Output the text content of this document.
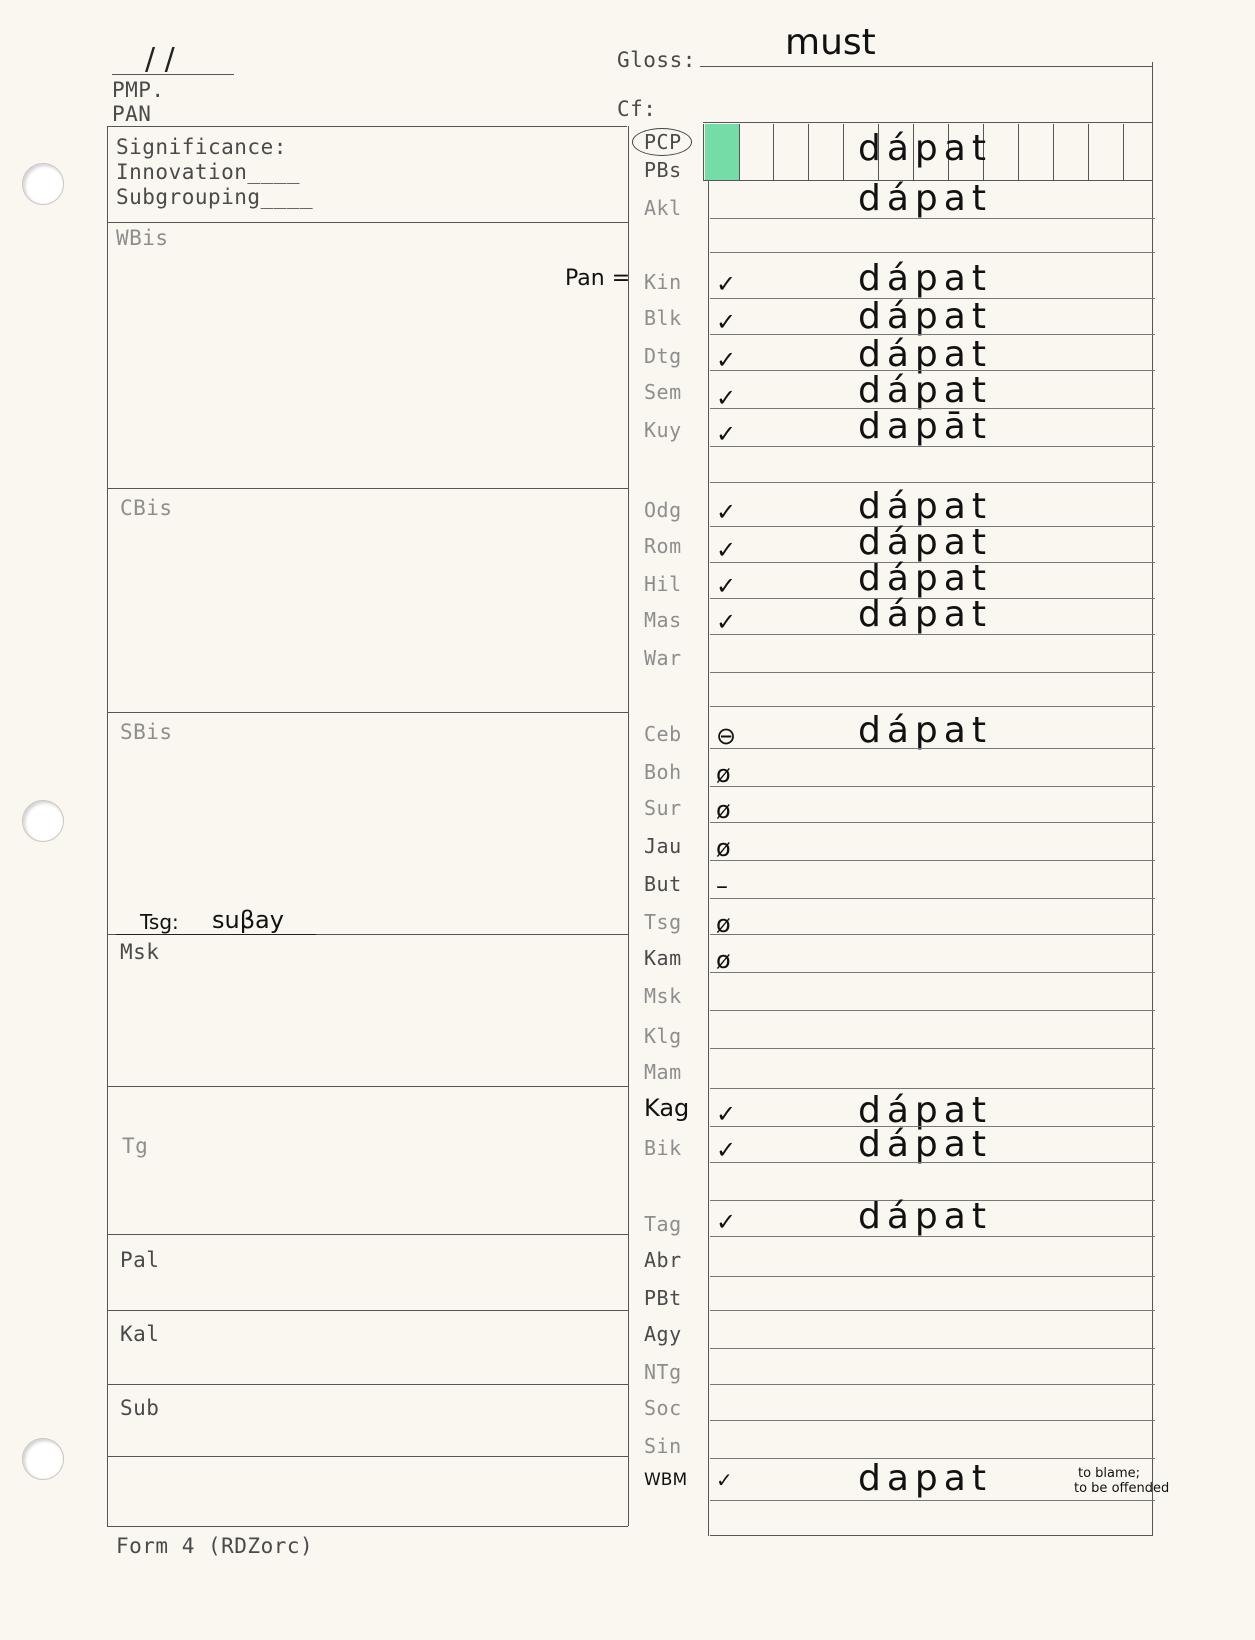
/ /
PMP.
PAN
Gloss: must
Cf:
Significance:
Innovation____
Subgrouping____
WBis
CBis
SBis
Msk
Tg
Pal
Kal
Sub
Pan =
Tsg: suβay
to blame;
to be offended
PCP	dápat
PBs
Akl	dápat
Kin ✓	dápat
Blk ✓	dápat
Dtg ✓	dápat
Sem ✓	dápat
Kuy ✓	dapāt
Odg ✓	dápat
Rom ✓	dápat
Hil ✓	dápat
Mas ✓	dápat
War
Ceb ⊖	dápat
Boh ø
Sur ø
Jau ø
But –
Tsg ø
Kam ø
Msk
Klg
Mam
Kag ✓	dápat
Bik ✓	dápat
Tag ✓	dápat
Abr
PBt
Agy
NTg
Soc
Sin
WBM ✓	dapat
Form 4 (RDZorc)
